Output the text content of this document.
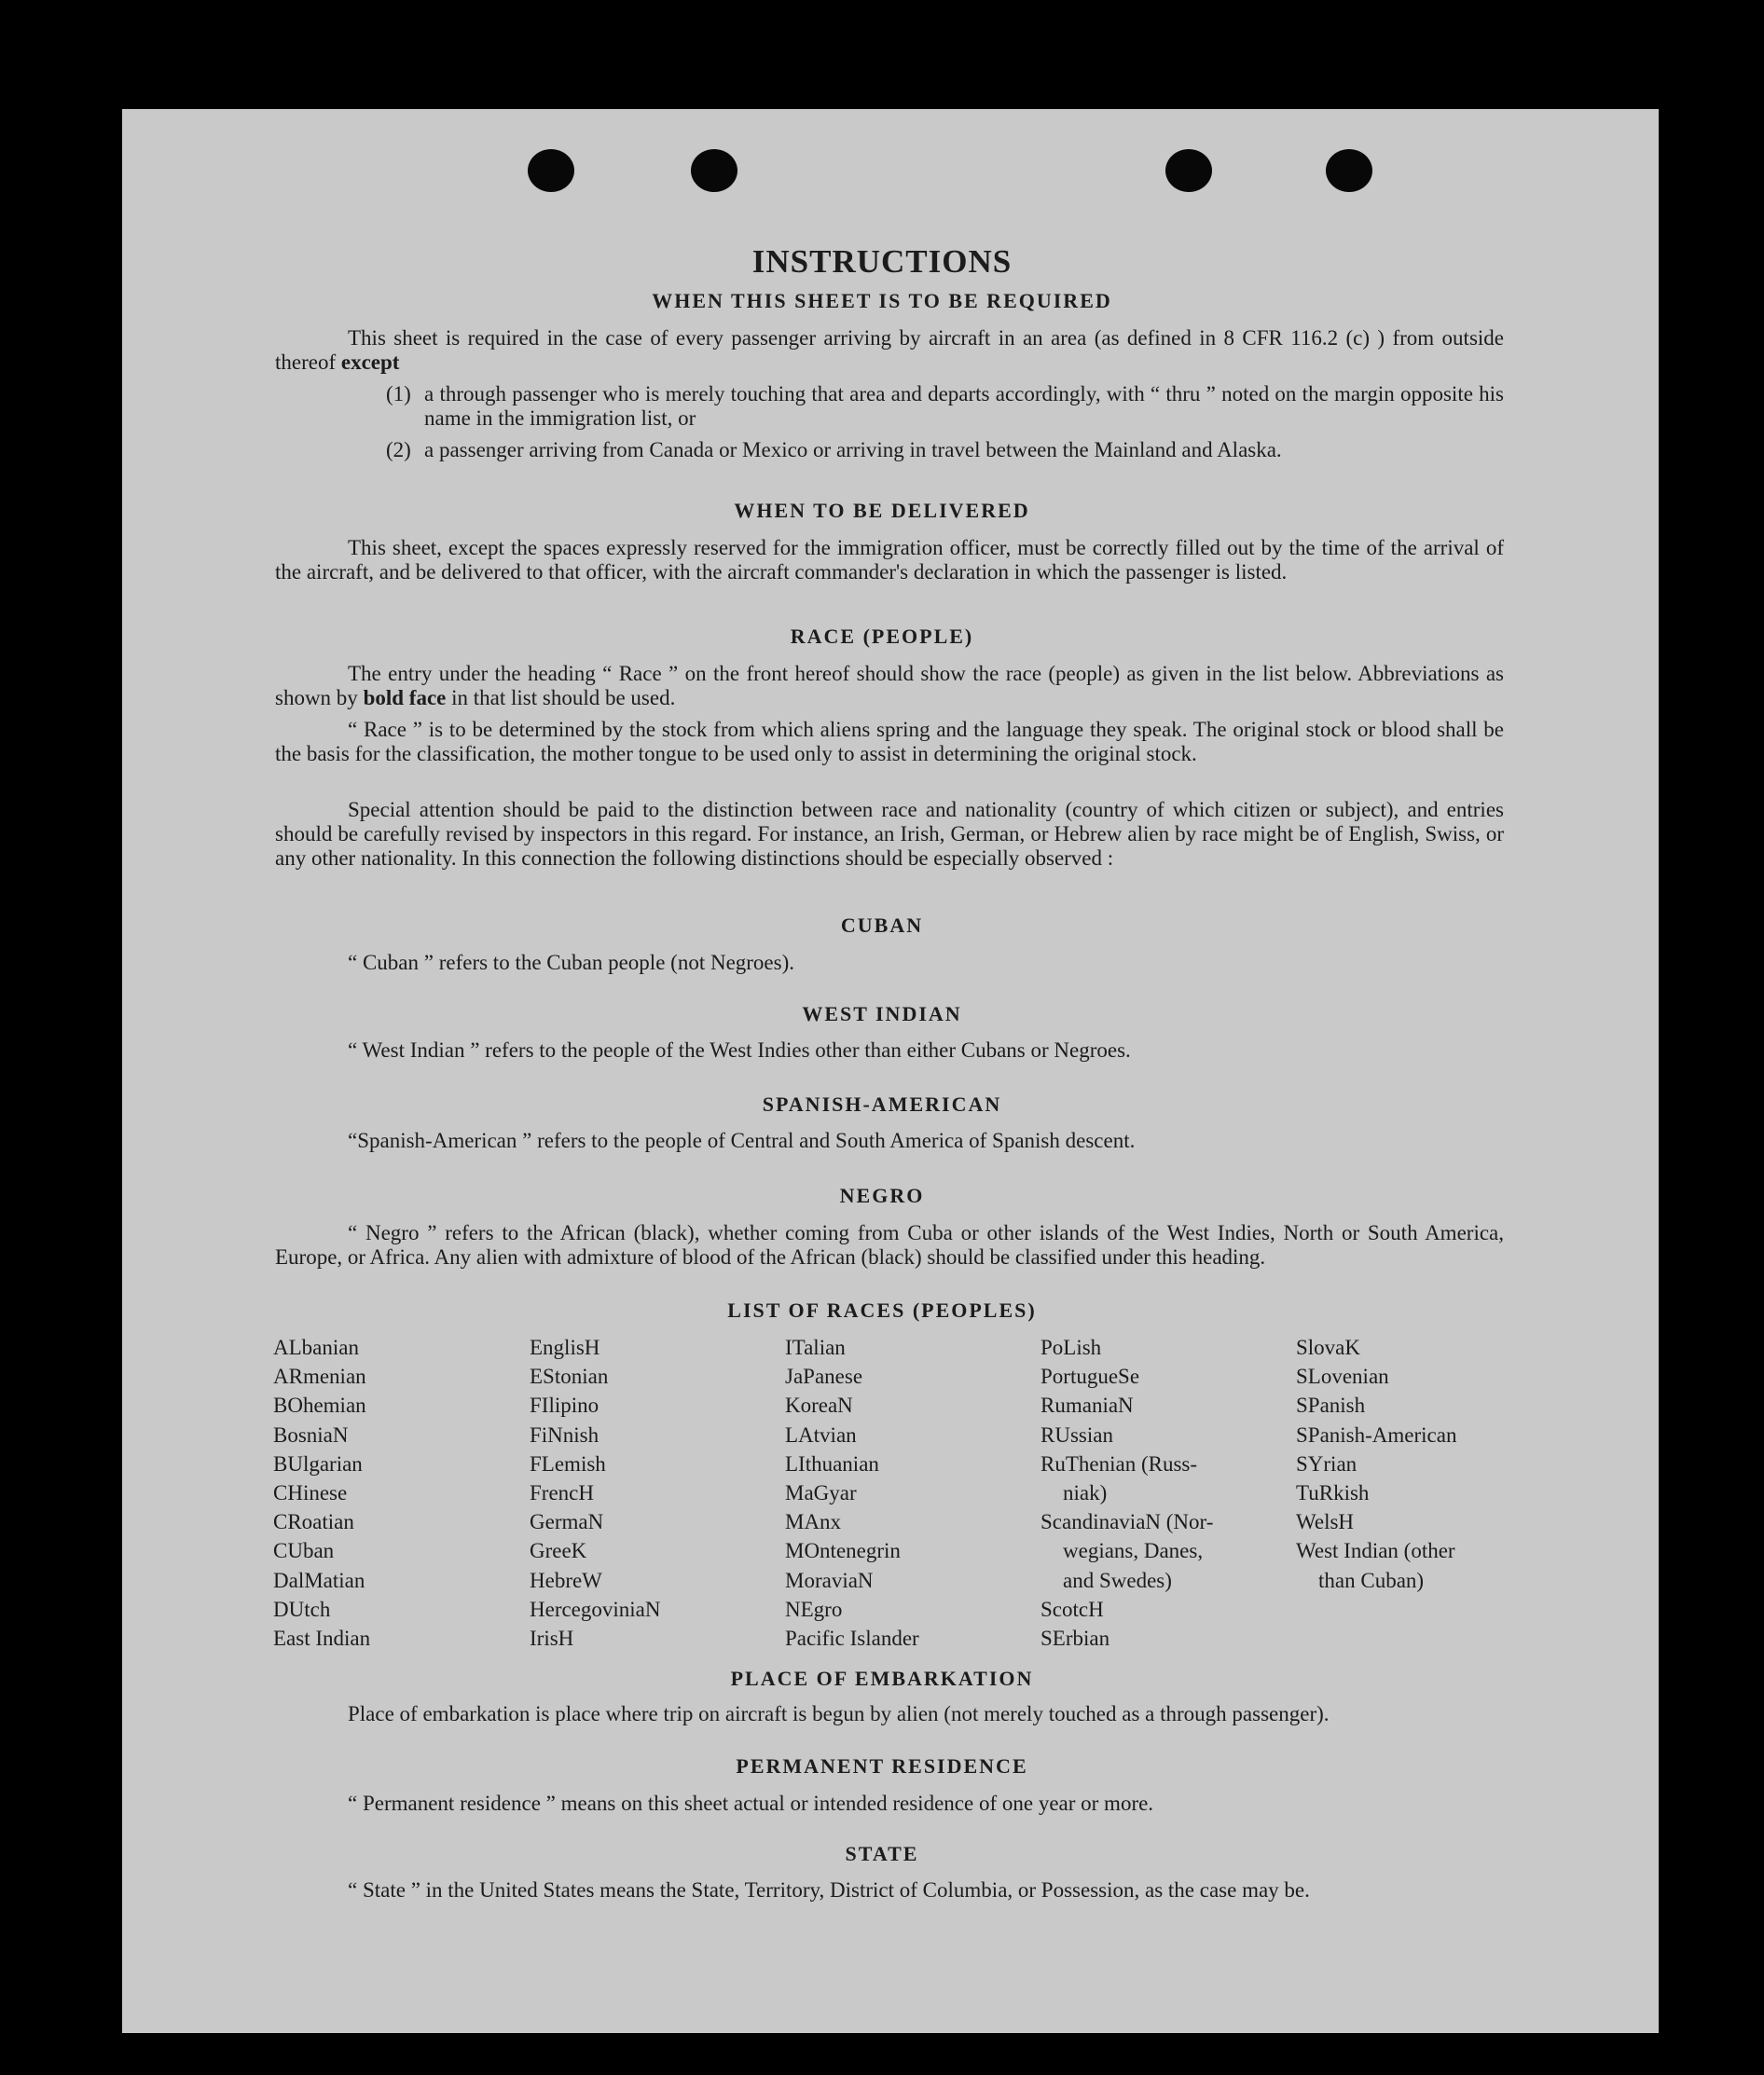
INSTRUCTIONS
WHEN THIS SHEET IS TO BE REQUIRED

This sheet is required in the case of every passenger arriving by aircraft in an area (as defined in 8 CFR 116.2 (c) ) from outside thereof except

(1) a through passenger who is merely touching that area and departs accordingly, with “ thru ” noted on the margin opposite his name in the immigration list, or

(2) a passenger arriving from Canada or Mexico or arriving in travel between the Mainland and Alaska.

WHEN TO BE DELIVERED

This sheet, except the spaces expressly reserved for the immigration officer, must be correctly filled out by the time of the arrival of the aircraft, and be delivered to that officer, with the aircraft commander's declaration in which the passenger is listed.

RACE (PEOPLE)

The entry under the heading “ Race ” on the front hereof should show the race (people) as given in the list below. Abbreviations as shown by bold face in that list should be used.

“ Race ” is to be determined by the stock from which aliens spring and the language they speak. The original stock or blood shall be the basis for the classification, the mother tongue to be used only to assist in determining the original stock.

Special attention should be paid to the distinction between race and nationality (country of which citizen or subject), and entries should be carefully revised by inspectors in this regard. For instance, an Irish, German, or Hebrew alien by race might be of English, Swiss, or any other nationality. In this connection the following distinctions should be especially observed :

CUBAN

“ Cuban ” refers to the Cuban people (not Negroes).

WEST INDIAN

“ West Indian ” refers to the people of the West Indies other than either Cubans or Negroes.

SPANISH-AMERICAN

“Spanish-American ” refers to the people of Central and South America of Spanish descent.

NEGRO

“ Negro ” refers to the African (black), whether coming from Cuba or other islands of the West Indies, North or South America, Europe, or Africa. Any alien with admixture of blood of the African (black) should be classified under this heading.

LIST OF RACES (PEOPLES)
ALbanian
ARmenian
BOhemian
BosniaN
BUlgarian
CHinese
CRoatian
CUban
DalMatian
DUtch
East Indian
EnglisH
EStonian
FIlipino
FiNnish
FLemish
FrencH
GermaN
GreeK
HebreW
HercegoviniaN
IrisH
ITalian
JaPanese
KoreaN
LAtvian
LIthuanian
MaGyar
MAnx
MOntenegrin
MoraviaN
NEgro
Pacific Islander
PoLish
PortugueSe
RumaniaN
RUssian
RuThenian (Russ-
niak)
ScandinaviaN (Nor-
wegians, Danes,
and Swedes)
ScotcH
SErbian
SlovaK
SLovenian
SPanish
SPanish-American
SYrian
TuRkish
WelsH
West Indian (other
than Cuban)
PLACE OF EMBARKATION

Place of embarkation is place where trip on aircraft is begun by alien (not merely touched as a through passenger).

PERMANENT RESIDENCE

“ Permanent residence ” means on this sheet actual or intended residence of one year or more.

STATE

“ State ” in the United States means the State, Territory, District of Columbia, or Possession, as the case may be.
